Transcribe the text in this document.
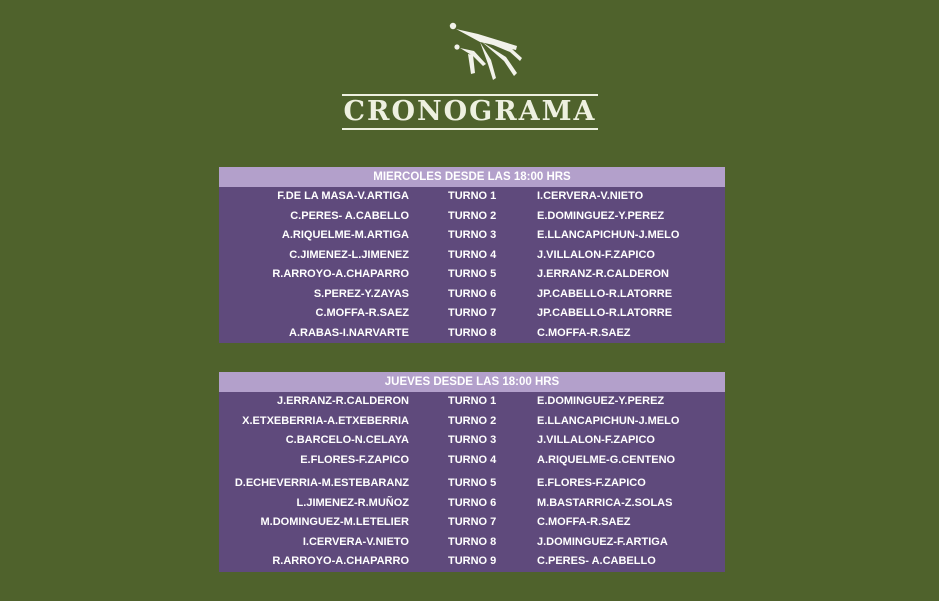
CRONOGRAMA
MIERCOLES DESDE LAS 18:00 HRS
F.DE LA MASA-V.ARTIGA	TURNO 1	I.CERVERA-V.NIETO
C.PERES- A.CABELLO	TURNO 2	E.DOMINGUEZ-Y.PEREZ
A.RIQUELME-M.ARTIGA	TURNO 3	E.LLANCAPICHUN-J.MELO
C.JIMENEZ-L.JIMENEZ	TURNO 4	J.VILLALON-F.ZAPICO
R.ARROYO-A.CHAPARRO	TURNO 5	J.ERRANZ-R.CALDERON
S.PEREZ-Y.ZAYAS	TURNO 6	JP.CABELLO-R.LATORRE
C.MOFFA-R.SAEZ	TURNO 7	JP.CABELLO-R.LATORRE
A.RABAS-I.NARVARTE	TURNO 8	C.MOFFA-R.SAEZ
JUEVES DESDE LAS 18:00 HRS
J.ERRANZ-R.CALDERON	TURNO 1	E.DOMINGUEZ-Y.PEREZ
X.ETXEBERRIA-A.ETXEBERRIA	TURNO 2	E.LLANCAPICHUN-J.MELO
C.BARCELO-N.CELAYA	TURNO 3	J.VILLALON-F.ZAPICO
E.FLORES-F.ZAPICO	TURNO 4	A.RIQUELME-G.CENTENO
D.ECHEVERRIA-M.ESTEBARANZ	TURNO 5	E.FLORES-F.ZAPICO
L.JIMENEZ-R.MUÑOZ	TURNO 6	M.BASTARRICA-Z.SOLAS
M.DOMINGUEZ-M.LETELIER	TURNO 7	C.MOFFA-R.SAEZ
I.CERVERA-V.NIETO	TURNO 8	J.DOMINGUEZ-F.ARTIGA
R.ARROYO-A.CHAPARRO	TURNO 9	C.PERES- A.CABELLO
